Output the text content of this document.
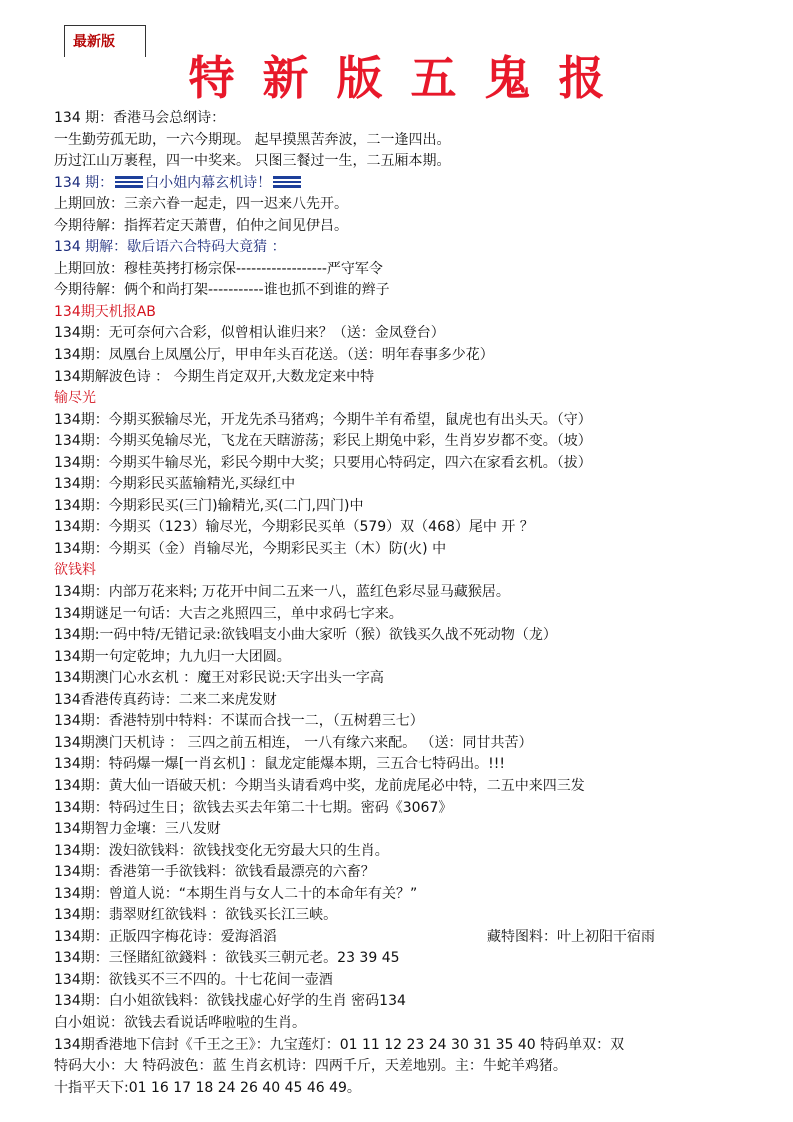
最新版
特新版五鬼报
134 期：香港马会总纲诗：
一生勤劳孤无助，一六今期现。 起早摸黑苦奔波，二一逢四出。
历过江山万裹程，四一中奖来。 只图三餐过一生，二五厢本期。
134 期： 白小姐内幕玄机诗！
上期回放：三亲六眷一起走，四一迟来八先开。
今期待解：指挥若定天萧曹，伯仲之间见伊吕。
134 期解：歇后语六合特码大竟猜 ：
上期回放：穆桂英拷打杨宗保------------------严守军令
今期待解：俩个和尚打架-----------谁也抓不到谁的辫子
134期天机报AB
134期：无可奈何六合彩，似曾相认谁归来？（送：金凤登台）
134期：凤凰台上凤凰公厅，甲申年头百花送。（送：明年春事多少花）
134期解波色诗 ： 今期生肖定双开,大数龙定来中特
输尽光
134期：今期买猴输尽光，开龙先杀马猪鸡；今期牛羊有希望，鼠虎也有出头天。（守）
134期：今期买兔输尽光，飞龙在天瞎游荡；彩民上期兔中彩，生肖岁岁都不变。（坡）
134期：今期买牛输尽光，彩民今期中大奖；只要用心特码定，四六在家看玄机。（拔）
134期：今期彩民买蓝输精光,买绿红中
134期：今期彩民买(三门)输精光,买(二门,四门)中
134期：今期买（123）输尽光，今期彩民买单（579）双（468）尾中 开 ？
134期：今期买（金）肖输尽光，今期彩民买主（木）防(火) 中
欲钱料
134期：内部万花来料; 万花开中间二五来一八，蓝红色彩尽显马藏猴居。
134期谜足一句话：大吉之兆照四三，单中求码七字来。
134期:一码中特/无错记录:欲钱唱支小曲大家听（猴）欲钱买久战不死动物（龙）
134期一句定乾坤；九九归一大团圆。
134期澳门心水玄机 ：魔王对彩民说:天字出头一字高
134香港传真药诗：二来二来虎发财
134期：香港特别中特料：不谋而合找一二，（五树碧三七）
134期澳门天机诗 ： 三四之前五相连， 一八有缘六来配。 （送：同甘共苦）
134期：特码爆一爆[一肖玄机] ：鼠龙定能爆本期，三五合七特码出。!!!
134期：黄大仙一语破天机：今期当头请看鸡中奖，龙前虎尾必中特，二五中来四三发
134期：特码过生日；欲钱去买去年第二十七期。密码《3067》
134期智力金壤：三八发财
134期：泼妇欲钱料：欲钱找变化无穷最大只的生肖。
134期：香港第一手欲钱料：欲钱看最漂亮的六畜？
134期：曾道人说：“本期生肖与女人二十的本命年有关？”
134期：翡翠财红欲钱料 ：欲钱买长江三峡。
134期：正版四字梅花诗：爱海滔滔	藏特图料：叶上初阳干宿雨
134期：三怪賭紅欲錢料 ：欲钱买三朝元老。23 39 45
134期：欲钱买不三不四的。十七花间一壶酒
134期：白小姐欲钱料：欲钱找虚心好学的生肖 密码134
白小姐说：欲钱去看说话哗啦啦的生肖。
134期香港地下信封《千王之王》：九宝莲灯：01 11 12 23 24 30 31 35 40 特码单双：双
特码大小：大 特码波色：蓝 生肖玄机诗：四两千斤，天差地别。主：牛蛇羊鸡猪。
十指平天下:01 16 17 18 24 26 40 45 46 49。
